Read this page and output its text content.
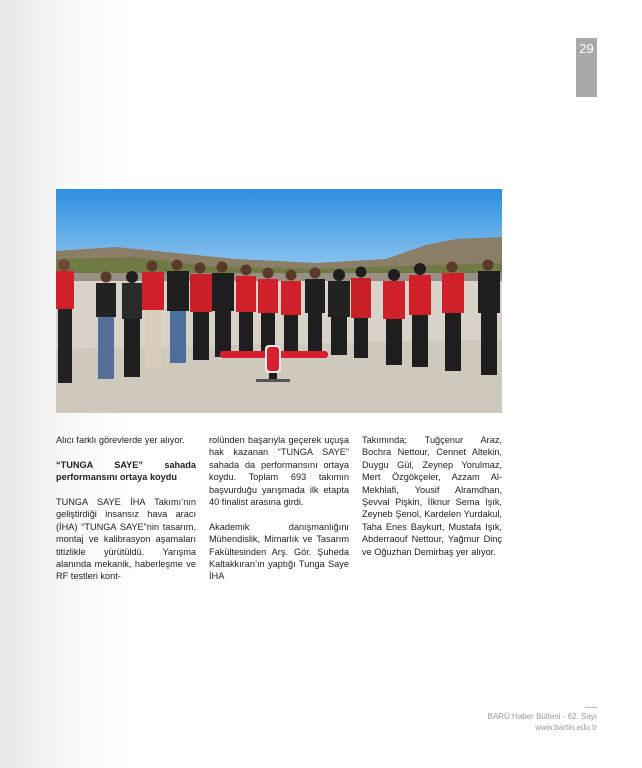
29

Alıcı farklı görevlerde yer alıyor.

“TUNGA SAYE” sahada performansını ortaya koydu

TUNGA SAYE İHA Takımı’nın geliştirdiği insansız hava aracı (İHA) “TUNGA SAYE”nin tasarım, montaj ve kalibrasyon aşamaları titizlikle yürütüldü. Yarışma alanında mekanik, haberleşme ve RF testleri kont-

rolünden başarıyla geçerek uçuşa hak kazanan “TUNGA SAYE” sahada da performansını ortaya koydu. Toplam 693 takımın başvurduğu yarışmada ilk etapta 40 finalist arasına girdi.

Akademik danışmanlığını Mühendislik, Mimarlık ve Tasarım Fakültesinden Arş. Gör. Şuheda Kaltakkıran’ın yaptığı Tunga Saye İHA

Takımında; Tuğçenur Araz, Bochra Nettour, Cennet Altekin, Duygu Gül, Zeynep Yorulmaz, Mert Özgökçeler, Azzam Al-Mekhlafi, Yousif Alramdhan, Şevval Pişkin, İlknur Sema Işık, Zeyneb Şenol, Kardelen Yurdakul, Taha Enes Baykurt, Mustafa Işık, Abderraouf Nettour, Yağmur Dinç ve Oğuzhan Demirbaş yer alıyor.

BARÜ Haber Bülteni - 62. Sayı
www.bartin.edu.tr
